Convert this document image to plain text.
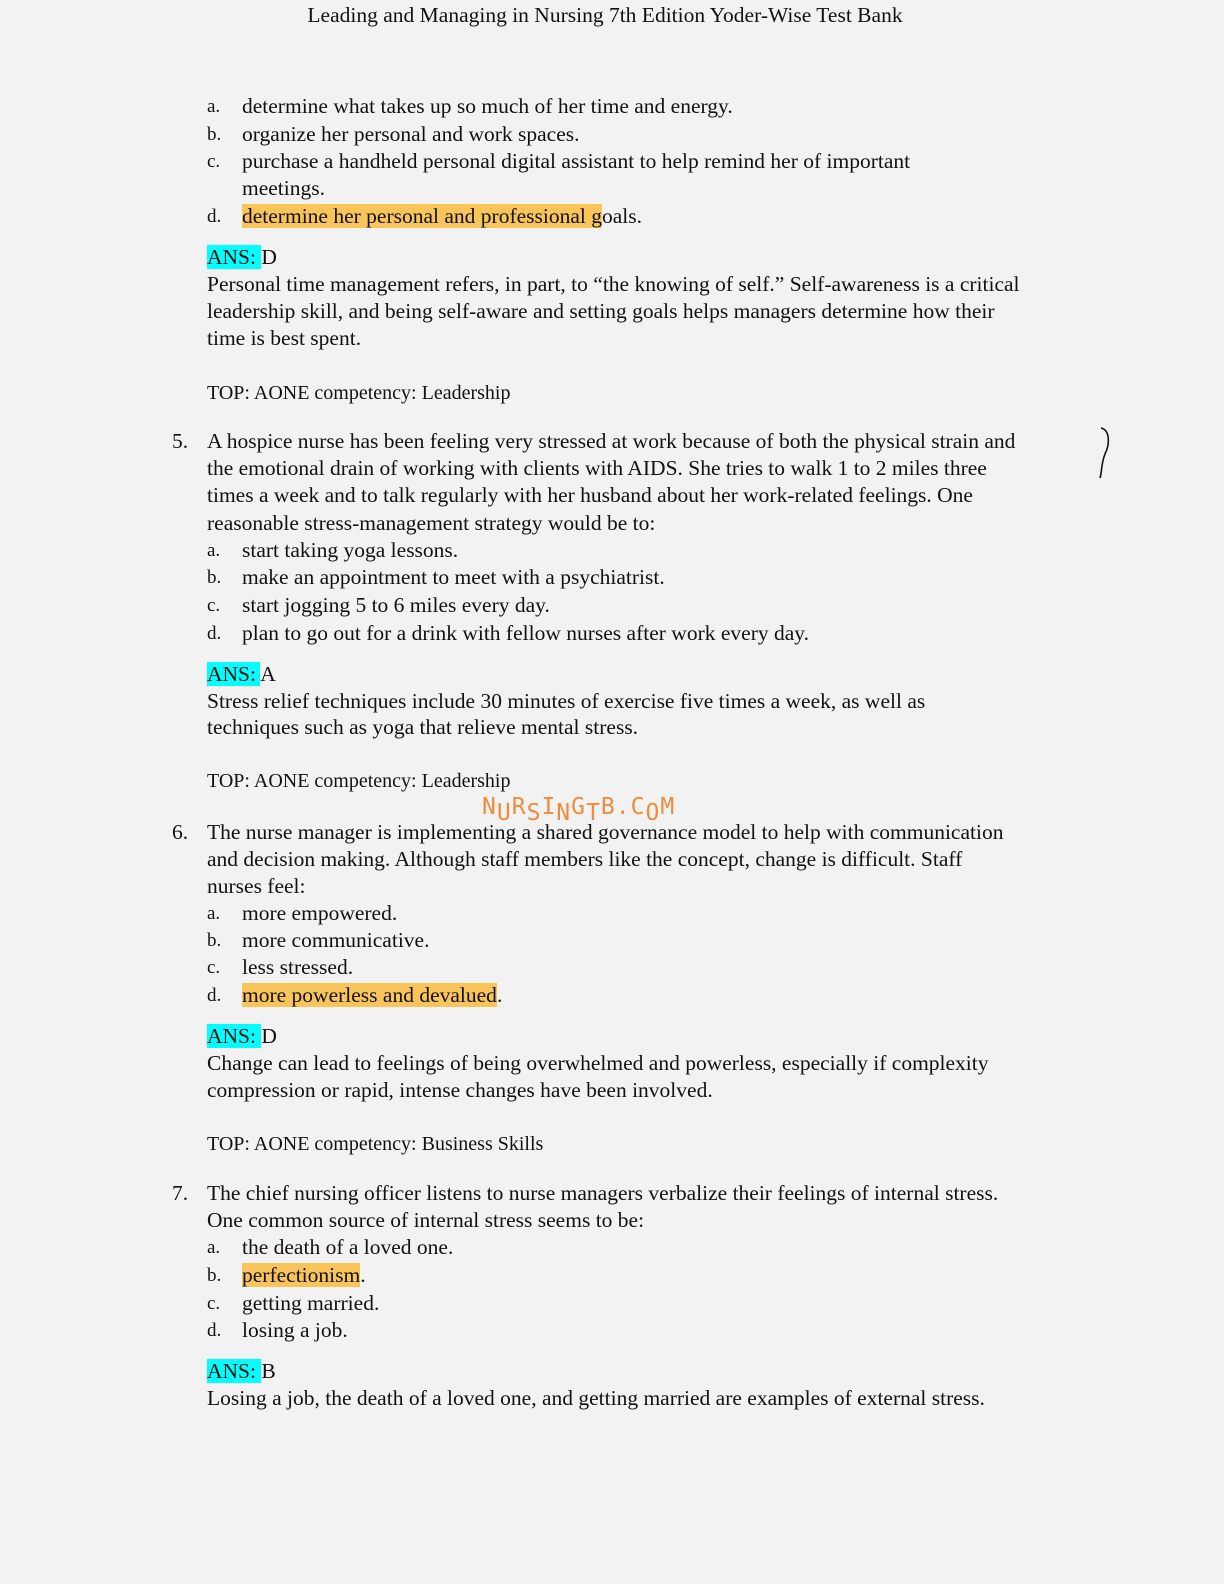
Leading and Managing in Nursing 7th Edition Yoder-Wise Test Bank
a. determine what takes up so much of her time and energy.
b. organize her personal and work spaces.
c. purchase a handheld personal digital assistant to help remind her of important
meetings.
d. determine her personal and professional goals.
ANS: D
Personal time management refers, in part, to “the knowing of self.” Self-awareness is a critical
leadership skill, and being self-aware and setting goals helps managers determine how their
time is best spent.
TOP: AONE competency: Leadership
5. A hospice nurse has been feeling very stressed at work because of both the physical strain and
the emotional drain of working with clients with AIDS. She tries to walk 1 to 2 miles three
times a week and to talk regularly with her husband about her work-related feelings. One
reasonable stress-management strategy would be to:
a. start taking yoga lessons.
b. make an appointment to meet with a psychiatrist.
c. start jogging 5 to 6 miles every day.
d. plan to go out for a drink with fellow nurses after work every day.
ANS: A
Stress relief techniques include 30 minutes of exercise five times a week, as well as
techniques such as yoga that relieve mental stress.
TOP: AONE competency: Leadership
NURSINGTB.COM
6. The nurse manager is implementing a shared governance model to help with communication
and decision making. Although staff members like the concept, change is difficult. Staff
nurses feel:
a. more empowered.
b. more communicative.
c. less stressed.
d. more powerless and devalued.
ANS: D
Change can lead to feelings of being overwhelmed and powerless, especially if complexity
compression or rapid, intense changes have been involved.
TOP: AONE competency: Business Skills
7. The chief nursing officer listens to nurse managers verbalize their feelings of internal stress.
One common source of internal stress seems to be:
a. the death of a loved one.
b. perfectionism.
c. getting married.
d. losing a job.
ANS: B
Losing a job, the death of a loved one, and getting married are examples of external stress.
